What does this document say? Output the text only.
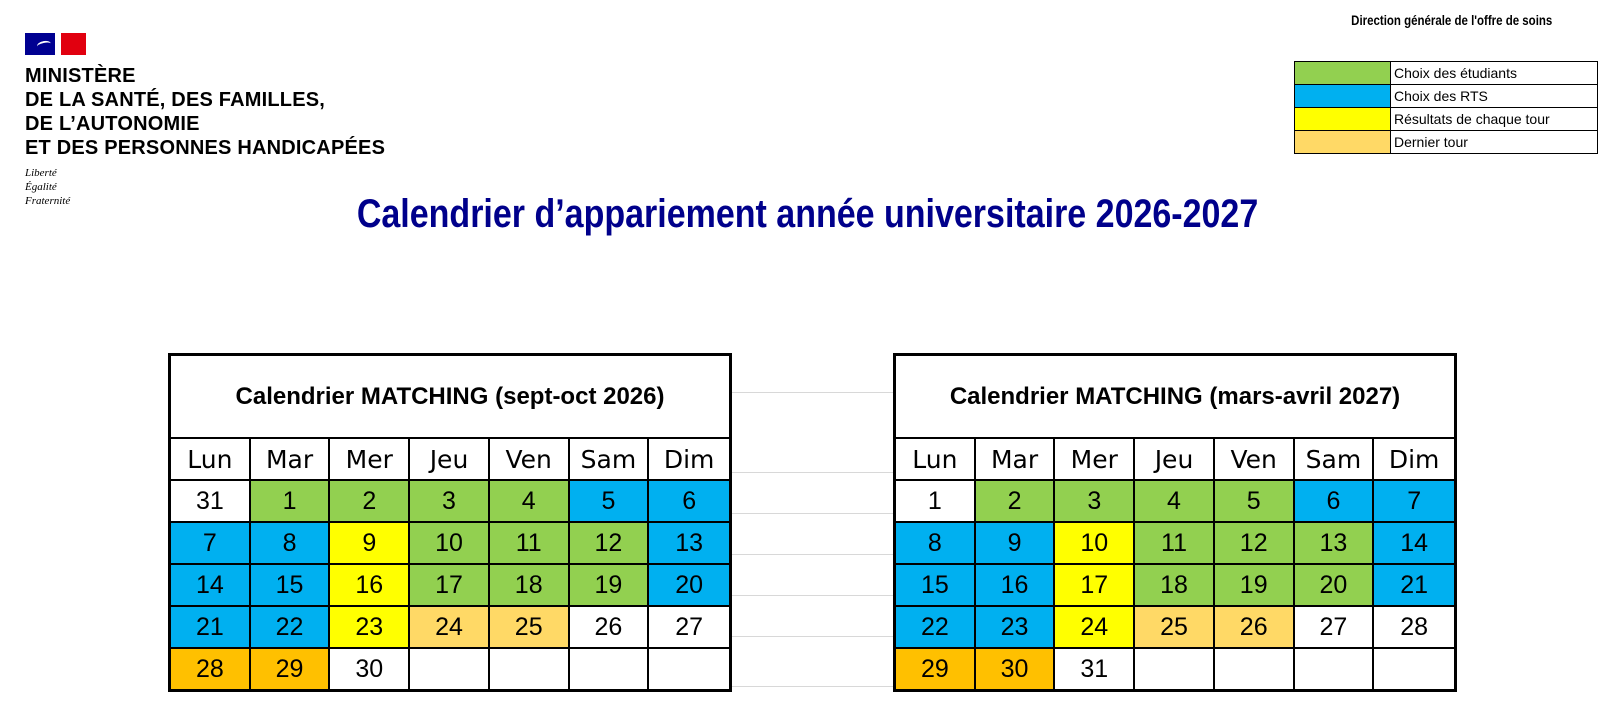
MINISTÈRE
DE LA SANTÉ, DES FAMILLES,
DE L’AUTONOMIE
ET DES PERSONNES HANDICAPÉES
Liberté
Égalité
Fraternité
Direction générale de l'offre de soins
	Choix des étudiants
	Choix des RTS
	Résultats de chaque tour
	Dernier tour
Calendrier d’appariement année universitaire 2026-2027
Calendrier MATCHING (sept-oct 2026)
Lun	Mar	Mer	Jeu	Ven	Sam	Dim
31	1	2	3	4	5	6
7	8	9	10	11	12	13
14	15	16	17	18	19	20
21	22	23	24	25	26	27
28	29	30
Calendrier MATCHING (mars-avril 2027)
Lun	Mar	Mer	Jeu	Ven	Sam	Dim
1	2	3	4	5	6	7
8	9	10	11	12	13	14
15	16	17	18	19	20	21
22	23	24	25	26	27	28
29	30	31
